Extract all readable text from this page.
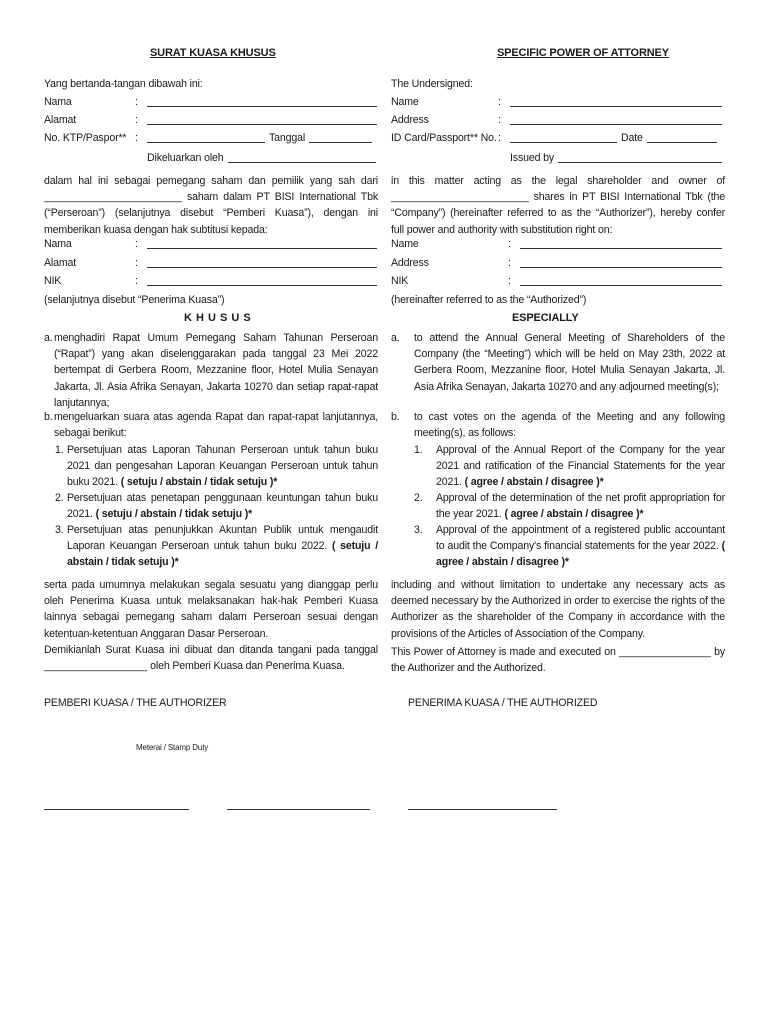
SURAT KUASA KHUSUS
Yang bertanda-tangan dibawah ini:
Nama	:
Alamat	:
No. KTP/Paspor** :	Tanggal
Dikeluarkan oleh
dalam hal ini sebagai pemegang saham dan pemilik yang sah dari ________________________ saham dalam PT BISI International Tbk (“Perseroan”) (selanjutnya disebut “Pemberi Kuasa”), dengan ini memberikan kuasa dengan hak subtitusi kepada:
Nama	:
Alamat	:
NIK	:
(selanjutnya disebut “Penerima Kuasa”)
K H U S U S
a. menghadiri Rapat Umum Pemegang Saham Tahunan Perseroan (“Rapat”) yang akan diselenggarakan pada tanggal 23 Mei 2022 bertempat di Gerbera Room, Mezzanine floor, Hotel Mulia Senayan Jakarta, Jl. Asia Afrika Senayan, Jakarta 10270 dan setiap rapat-rapat lanjutannya;
b. mengeluarkan suara atas agenda Rapat dan rapat-rapat lanjutannya, sebagai berikut:
1. Persetujuan atas Laporan Tahunan Perseroan untuk tahun buku 2021 dan pengesahan Laporan Keuangan Perseroan untuk tahun buku 2021. ( setuju / abstain / tidak setuju )*
2. Persetujuan atas penetapan penggunaan keuntungan tahun buku 2021. ( setuju / abstain / tidak setuju )*
3. Persetujuan atas penunjukkan Akuntan Publik untuk mengaudit Laporan Keuangan Perseroan untuk tahun buku 2022. ( setuju / abstain / tidak setuju )*
serta pada umumnya melakukan segala sesuatu yang dianggap perlu oleh Penerima Kuasa untuk melaksanakan hak-hak Pemberi Kuasa lainnya sebagai pemegang saham dalam Perseroan sesuai dengan ketentuan-ketentuan Anggaran Dasar Perseroan.
Demikianlah Surat Kuasa ini dibuat dan ditanda tangani pada tanggal __________________ oleh Pemberi Kuasa dan Penerima Kuasa.
SPECIFIC POWER OF ATTORNEY
The Undersigned:
Name	:
Address	:
ID Card/Passport** No. :	Date
Issued by
in this matter acting as the legal shareholder and owner of ________________________ shares in PT BISI International Tbk (the “Company”) (hereinafter referred to as the “Authorizer”), hereby confer full power and authority with substitution right on:
Name	:
Address	:
NIK	:
(hereinafter referred to as the “Authorized”)
ESPECIALLY
a.	to attend the Annual General Meeting of Shareholders of the Company (the “Meeting”) which will be held on May 23th, 2022 at Gerbera Room, Mezzanine floor, Hotel Mulia Senayan Jakarta, Jl. Asia Afrika Senayan, Jakarta 10270 and any adjourned meeting(s);
b.	to cast votes on the agenda of the Meeting and any following meeting(s), as follows:
1.	Approval of the Annual Report of the Company for the year 2021 and ratification of the Financial Statements for the year 2021. ( agree / abstain / disagree )*
2.	Approval of the determination of the net profit appropriation for the year 2021. ( agree / abstain / disagree )*
3.	Approval of the appointment of a registered public accountant to audit the Company's financial statements for the year 2022. ( agree / abstain / disagree )*
including and without limitation to undertake any necessary acts as deemed necessary by the Authorized in order to exercise the rights of the Authorizer as the shareholder of the Company in accordance with the provisions of the Articles of Association of the Company.
This Power of Attorney is made and executed on ________________ by the Authorizer and the Authorized.
PEMBERI KUASA / THE AUTHORIZER	PENERIMA KUASA / THE AUTHORIZED
Meterai / Stamp Duty
